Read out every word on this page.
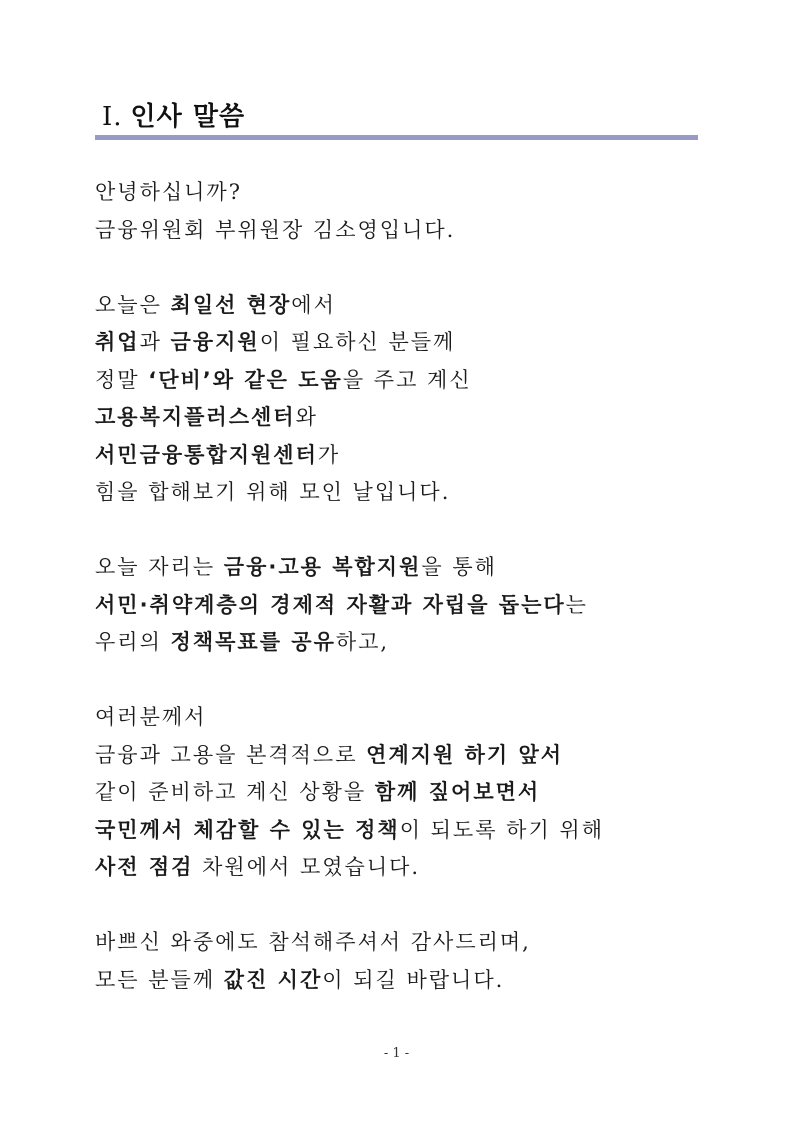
Ⅰ. 인사 말씀
안녕하십니까?
금융위원회 부위원장 김소영입니다.
오늘은 최일선 현장에서
취업과 금융지원이 필요하신 분들께
정말 ‘단비’와 같은 도움을 주고 계신
고용복지플러스센터와
서민금융통합지원센터가
힘을 합해보기 위해 모인 날입니다.
오늘 자리는 금융·고용 복합지원을 통해
서민·취약계층의 경제적 자활과 자립을 돕는다는
우리의 정책목표를 공유하고,
여러분께서
금융과 고용을 본격적으로 연계지원 하기 앞서
같이 준비하고 계신 상황을 함께 짚어보면서
국민께서 체감할 수 있는 정책이 되도록 하기 위해
사전 점검 차원에서 모였습니다.
바쁘신 와중에도 참석해주셔서 감사드리며,
모든 분들께 값진 시간이 되길 바랍니다.
- 1 -
